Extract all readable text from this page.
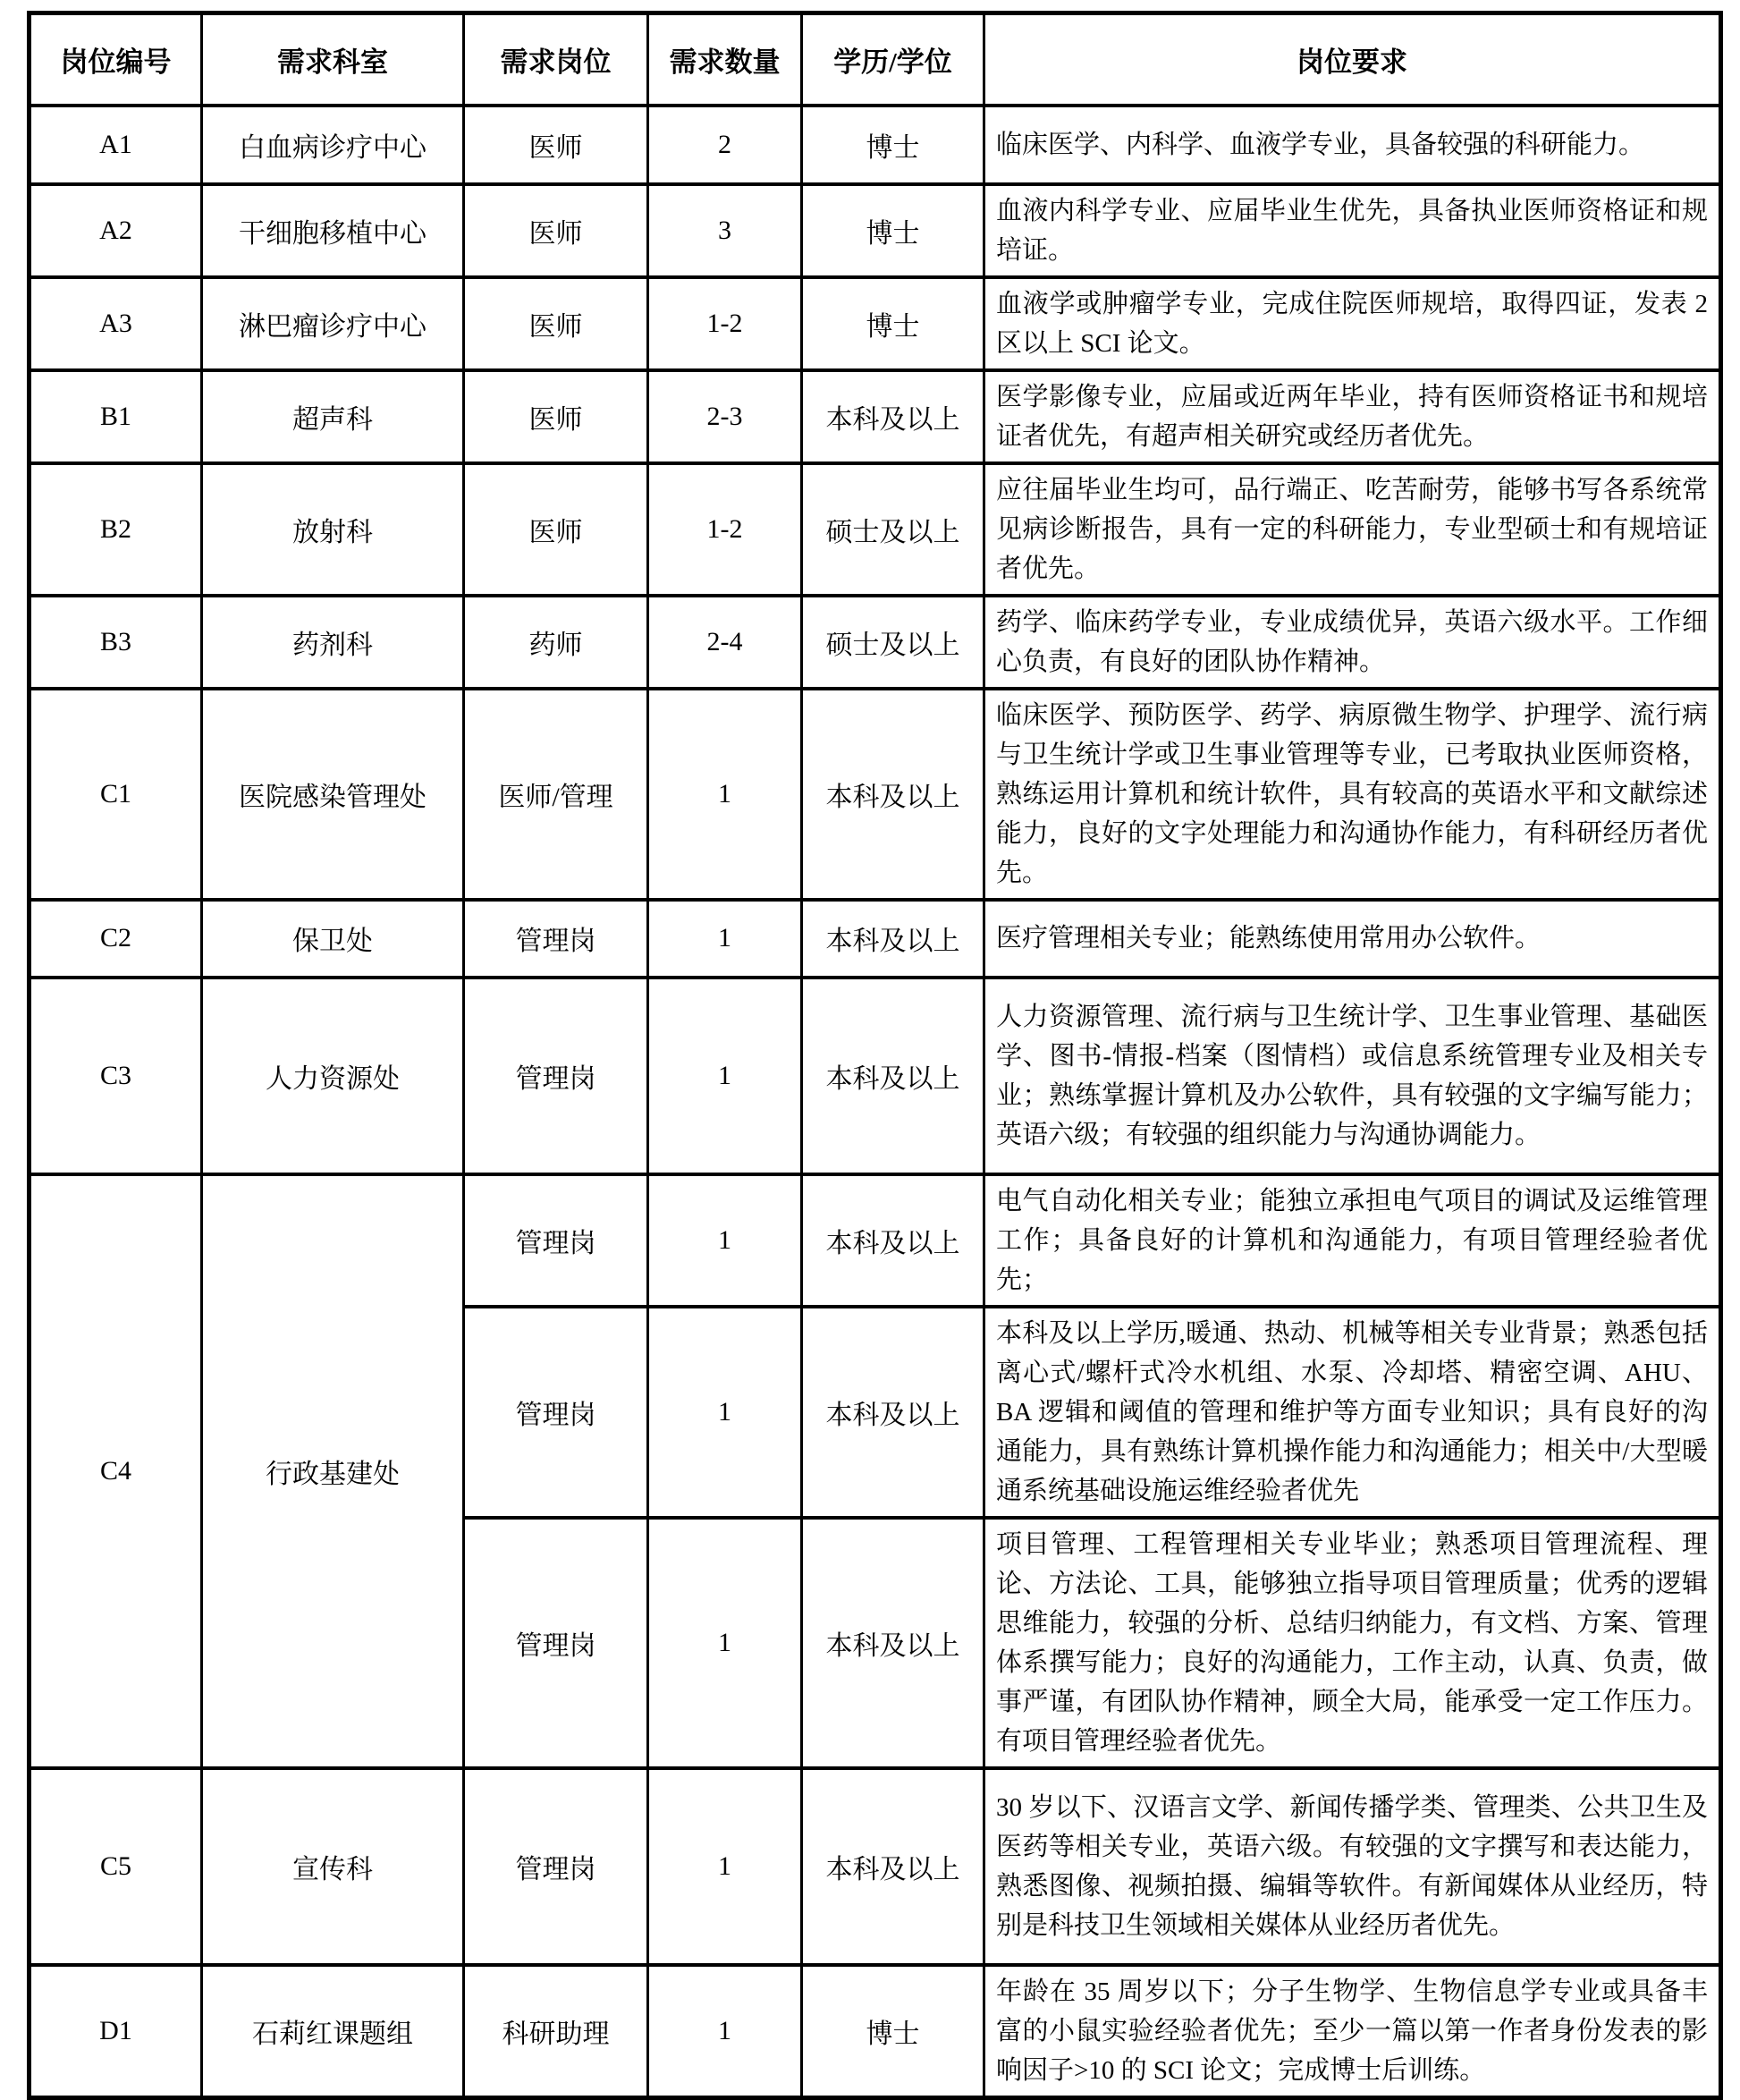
岗位编号	需求科室	需求岗位	需求数量	学历/学位	岗位要求
A1	白血病诊疗中心	医师	2	博士	临床医学、内科学、血液学专业，具备较强的科研能力。
A2	干细胞移植中心	医师	3	博士	血液内科学专业、应届毕业生优先，具备执业医师资格证和规培证。
A3	淋巴瘤诊疗中心	医师	1-2	博士	血液学或肿瘤学专业，完成住院医师规培，取得四证，发表 2 区以上 SCI 论文。
B1	超声科	医师	2-3	本科及以上	医学影像专业，应届或近两年毕业，持有医师资格证书和规培证者优先，有超声相关研究或经历者优先。
B2	放射科	医师	1-2	硕士及以上	应往届毕业生均可，品行端正、吃苦耐劳，能够书写各系统常见病诊断报告，具有一定的科研能力，专业型硕士和有规培证者优先。
B3	药剂科	药师	2-4	硕士及以上	药学、临床药学专业，专业成绩优异，英语六级水平。工作细心负责，有良好的团队协作精神。
C1	医院感染管理处	医师/管理	1	本科及以上	临床医学、预防医学、药学、病原微生物学、护理学、流行病与卫生统计学或卫生事业管理等专业，已考取执业医师资格，熟练运用计算机和统计软件，具有较高的英语水平和文献综述能力，良好的文字处理能力和沟通协作能力，有科研经历者优先。
C2	保卫处	管理岗	1	本科及以上	医疗管理相关专业；能熟练使用常用办公软件。
C3	人力资源处	管理岗	1	本科及以上	人力资源管理、流行病与卫生统计学、卫生事业管理、基础医学、图书-情报-档案（图情档）或信息系统管理专业及相关专业；熟练掌握计算机及办公软件，具有较强的文字编写能力；英语六级；有较强的组织能力与沟通协调能力。
C4	行政基建处	管理岗	1	本科及以上	电气自动化相关专业；能独立承担电气项目的调试及运维管理工作；具备良好的计算机和沟通能力，有项目管理经验者优先；
		管理岗	1	本科及以上	本科及以上学历,暖通、热动、机械等相关专业背景；熟悉包括离心式/螺杆式冷水机组、水泵、冷却塔、精密空调、AHU、BA 逻辑和阈值的管理和维护等方面专业知识；具有良好的沟通能力，具有熟练计算机操作能力和沟通能力；相关中/大型暖通系统基础设施运维经验者优先
		管理岗	1	本科及以上	项目管理、工程管理相关专业毕业；熟悉项目管理流程、理论、方法论、工具，能够独立指导项目管理质量；优秀的逻辑思维能力，较强的分析、总结归纳能力，有文档、方案、管理体系撰写能力；良好的沟通能力，工作主动，认真、负责，做事严谨，有团队协作精神，顾全大局，能承受一定工作压力。有项目管理经验者优先。
C5	宣传科	管理岗	1	本科及以上	30 岁以下、汉语言文学、新闻传播学类、管理类、公共卫生及医药等相关专业，英语六级。有较强的文字撰写和表达能力，熟悉图像、视频拍摄、编辑等软件。有新闻媒体从业经历，特别是科技卫生领域相关媒体从业经历者优先。
D1	石莉红课题组	科研助理	1	博士	年龄在 35 周岁以下；分子生物学、生物信息学专业或具备丰富的小鼠实验经验者优先；至少一篇以第一作者身份发表的影响因子>10 的 SCI 论文；完成博士后训练。
